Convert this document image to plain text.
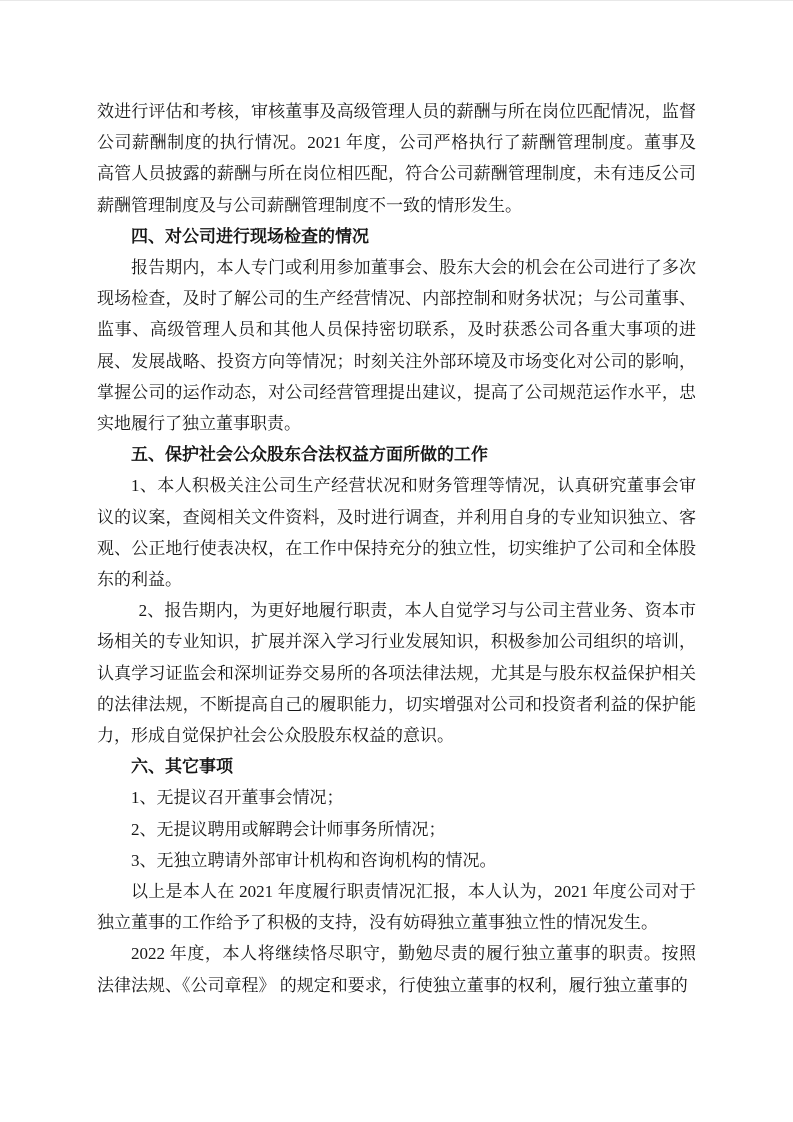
效进行评估和考核，审核董事及高级管理人员的薪酬与所在岗位匹配情况，监督公司薪酬制度的执行情况。2021 年度，公司严格执行了薪酬管理制度。董事及高管人员披露的薪酬与所在岗位相匹配，符合公司薪酬管理制度，未有违反公司薪酬管理制度及与公司薪酬管理制度不一致的情形发生。

四、对公司进行现场检查的情况

报告期内，本人专门或利用参加董事会、股东大会的机会在公司进行了多次现场检查，及时了解公司的生产经营情况、内部控制和财务状况；与公司董事、监事、高级管理人员和其他人员保持密切联系，及时获悉公司各重大事项的进展、发展战略、投资方向等情况；时刻关注外部环境及市场变化对公司的影响，掌握公司的运作动态，对公司经营管理提出建议，提高了公司规范运作水平，忠实地履行了独立董事职责。

五、保护社会公众股东合法权益方面所做的工作

1、本人积极关注公司生产经营状况和财务管理等情况，认真研究董事会审议的议案，查阅相关文件资料，及时进行调查，并利用自身的专业知识独立、客观、公正地行使表决权，在工作中保持充分的独立性，切实维护了公司和全体股东的利益。

2、报告期内，为更好地履行职责，本人自觉学习与公司主营业务、资本市场相关的专业知识，扩展并深入学习行业发展知识，积极参加公司组织的培训，认真学习证监会和深圳证券交易所的各项法律法规，尤其是与股东权益保护相关的法律法规，不断提高自己的履职能力，切实增强对公司和投资者利益的保护能力，形成自觉保护社会公众股股东权益的意识。

六、其它事项

1、无提议召开董事会情况；

2、无提议聘用或解聘会计师事务所情况；

3、无独立聘请外部审计机构和咨询机构的情况。

以上是本人在 2021 年度履行职责情况汇报，本人认为，2021 年度公司对于独立董事的工作给予了积极的支持，没有妨碍独立董事独立性的情况发生。

2022 年度，本人将继续恪尽职守，勤勉尽责的履行独立董事的职责。按照法律法规、《公司章程》 的规定和要求，行使独立董事的权利，履行独立董事的
